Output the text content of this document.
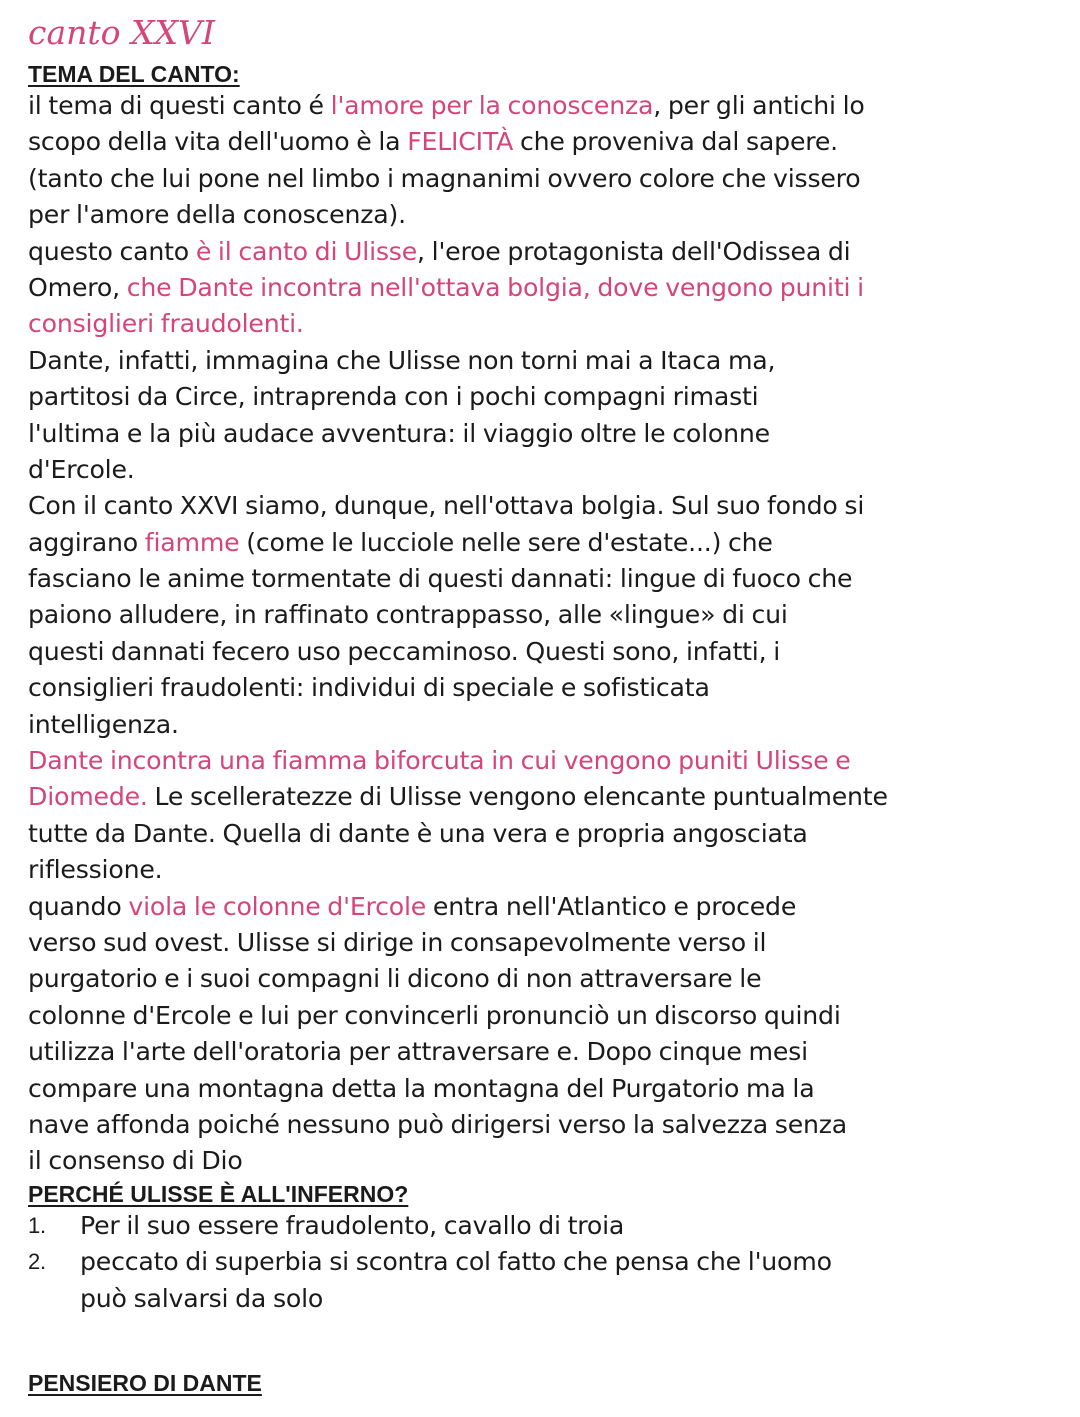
canto XXVI
TEMA DEL CANTO:
il tema di questi canto é l'amore per la conoscenza, per gli antichi lo
scopo della vita dell'uomo è la FELICITÀ che proveniva dal sapere.
(tanto che lui pone nel limbo i magnanimi ovvero colore che vissero
per l'amore della conoscenza).
questo canto è il canto di Ulisse, l'eroe protagonista dell'Odissea di
Omero, che Dante incontra nell'ottava bolgia, dove vengono puniti i
consiglieri fraudolenti.
Dante, infatti, immagina che Ulisse non torni mai a Itaca ma,
partitosi da Circe, intraprenda con i pochi compagni rimasti
l'ultima e la più audace avventura: il viaggio oltre le colonne
d'Ercole.
Con il canto XXVI siamo, dunque, nell'ottava bolgia. Sul suo fondo si
aggirano fiamme (come le lucciole nelle sere d'estate...) che
fasciano le anime tormentate di questi dannati: lingue di fuoco che
paiono alludere, in raffinato contrappasso, alle «lingue» di cui
questi dannati fecero uso peccaminoso. Questi sono, infatti, i
consiglieri fraudolenti: individui di speciale e sofisticata
intelligenza.
Dante incontra una fiamma biforcuta in cui vengono puniti Ulisse e
Diomede. Le scelleratezze di Ulisse vengono elencante puntualmente
tutte da Dante. Quella di dante è una vera e propria angosciata
riflessione.
quando viola le colonne d'Ercole entra nell'Atlantico e procede
verso sud ovest. Ulisse si dirige in consapevolmente verso il
purgatorio e i suoi compagni li dicono di non attraversare le
colonne d'Ercole e lui per convincerli pronunciò un discorso quindi
utilizza l'arte dell'oratoria per attraversare e. Dopo cinque mesi
compare una montagna detta la montagna del Purgatorio ma la
nave affonda poiché nessuno può dirigersi verso la salvezza senza
il consenso di Dio
PERCHÉ ULISSE È ALL'INFERNO?
1. Per il suo essere fraudolento, cavallo di troia
2. peccato di superbia si scontra col fatto che pensa che l'uomo
può salvarsi da solo
PENSIERO DI DANTE
